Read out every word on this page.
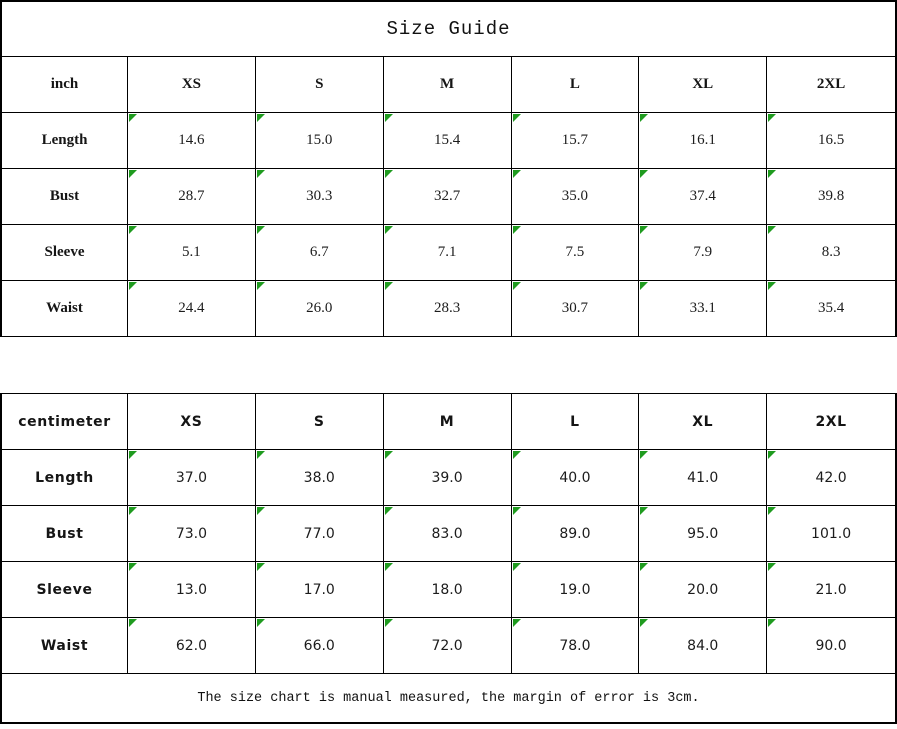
Size Guide
inch	XS	S	M	L	XL	2XL
Length	14.6	15.0	15.4	15.7	16.1	16.5
Bust	28.7	30.3	32.7	35.0	37.4	39.8
Sleeve	5.1	6.7	7.1	7.5	7.9	8.3
Waist	24.4	26.0	28.3	30.7	33.1	35.4
centimeter	XS	S	M	L	XL	2XL
Length	37.0	38.0	39.0	40.0	41.0	42.0
Bust	73.0	77.0	83.0	89.0	95.0	101.0
Sleeve	13.0	17.0	18.0	19.0	20.0	21.0
Waist	62.0	66.0	72.0	78.0	84.0	90.0
The size chart is manual measured, the margin of error is 3cm.
